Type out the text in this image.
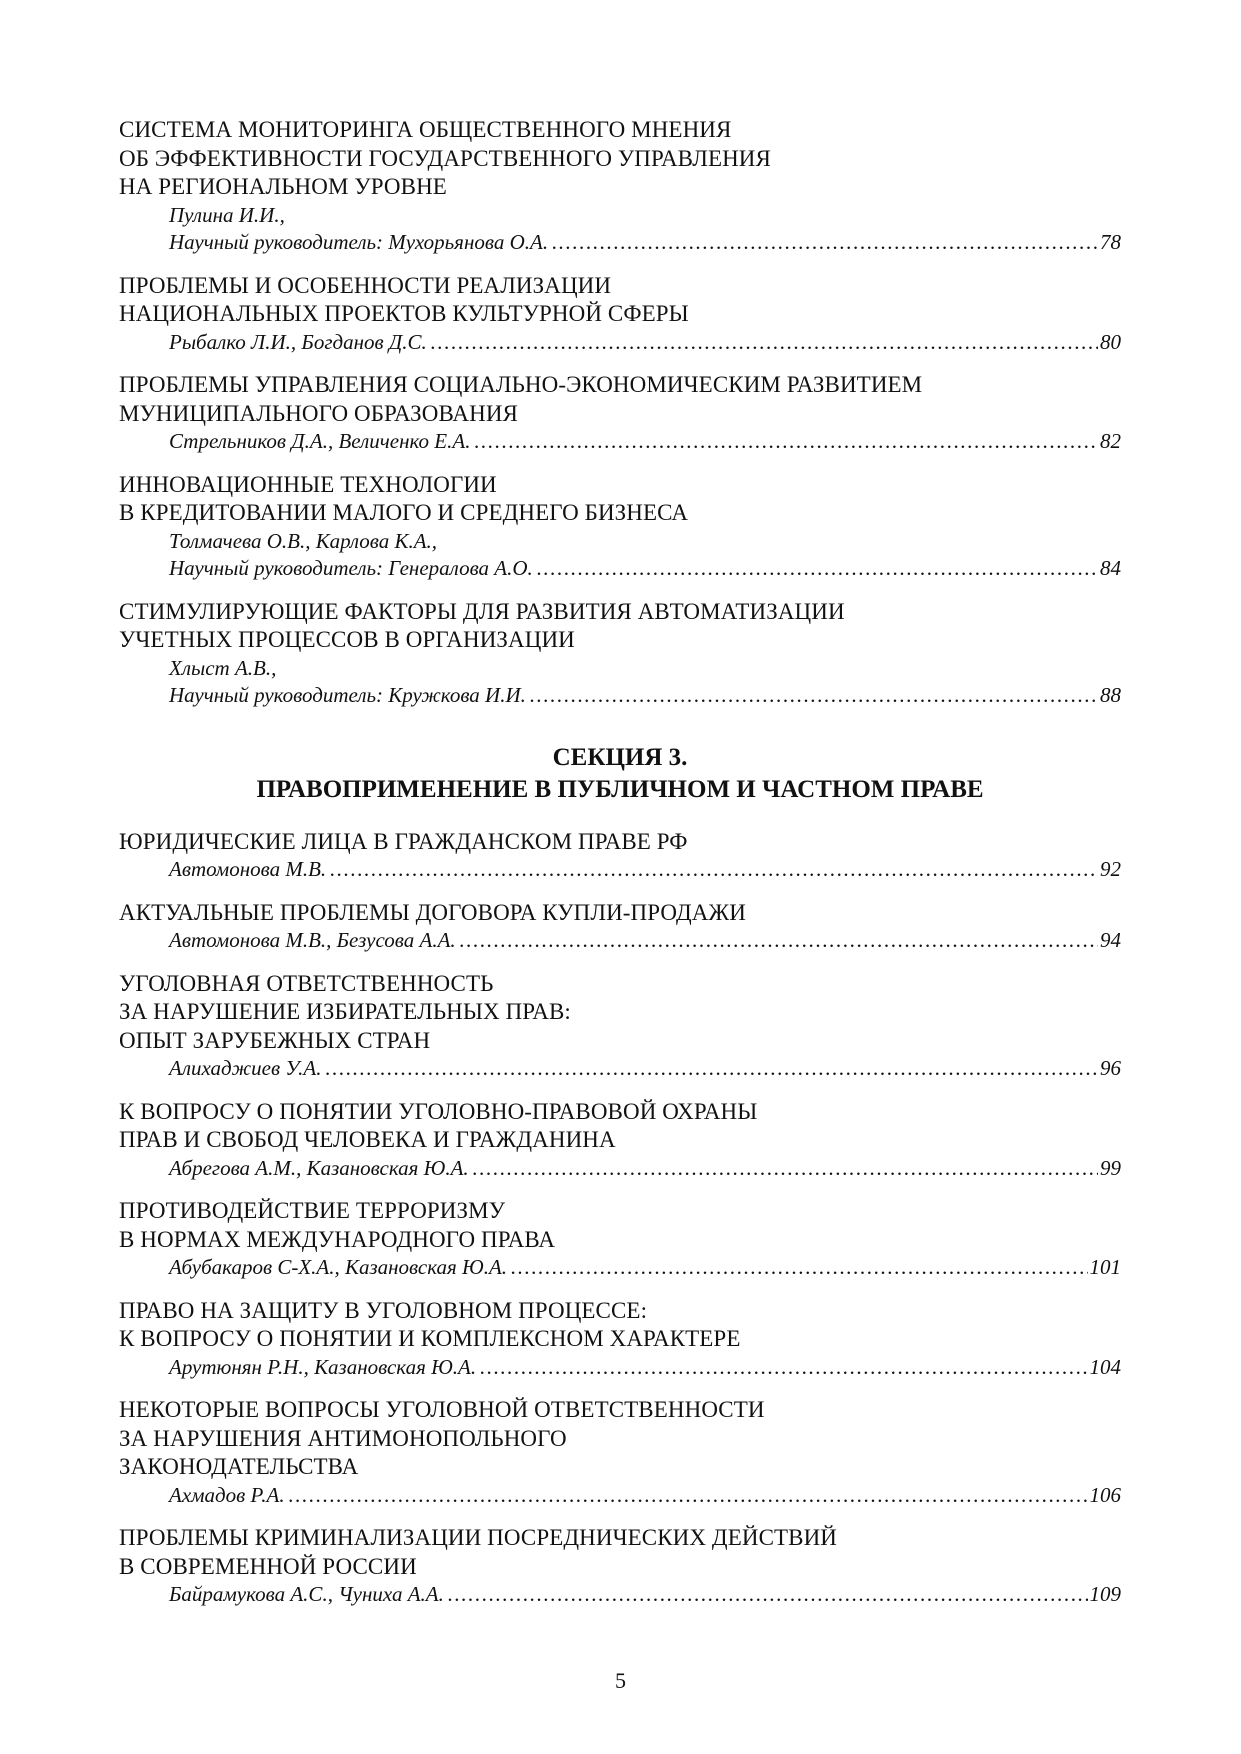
СИСТЕМА МОНИТОРИНГА ОБЩЕСТВЕННОГО МНЕНИЯ
ОБ ЭФФЕКТИВНОСТИ ГОСУДАРСТВЕННОГО УПРАВЛЕНИЯ
НА РЕГИОНАЛЬНОМ УРОВНЕ
Пулина И.И.,
Научный руководитель: Мухорьянова О.А. .....	78
ПРОБЛЕМЫ И ОСОБЕННОСТИ РЕАЛИЗАЦИИ
НАЦИОНАЛЬНЫХ ПРОЕКТОВ КУЛЬТУРНОЙ СФЕРЫ
Рыбалко Л.И., Богданов Д.С. .....	80
ПРОБЛЕМЫ УПРАВЛЕНИЯ СОЦИАЛЬНО-ЭКОНОМИЧЕСКИМ РАЗВИТИЕМ
МУНИЦИПАЛЬНОГО ОБРАЗОВАНИЯ
Стрельников Д.А., Величенко Е.А. .....	82
ИННОВАЦИОННЫЕ ТЕХНОЛОГИИ
В КРЕДИТОВАНИИ МАЛОГО И СРЕДНЕГО БИЗНЕСА
Толмачева О.В., Карлова К.А.,
Научный руководитель: Генералова А.О. .....	84
СТИМУЛИРУЮЩИЕ ФАКТОРЫ ДЛЯ РАЗВИТИЯ АВТОМАТИЗАЦИИ
УЧЕТНЫХ ПРОЦЕССОВ В ОРГАНИЗАЦИИ
Хлыст А.В.,
Научный руководитель: Кружкова И.И. .....	88
СЕКЦИЯ 3.
ПРАВОПРИМЕНЕНИЕ В ПУБЛИЧНОМ И ЧАСТНОМ ПРАВЕ
ЮРИДИЧЕСКИЕ ЛИЦА В ГРАЖДАНСКОМ ПРАВЕ РФ
Автомонова М.В. .....	92
АКТУАЛЬНЫЕ ПРОБЛЕМЫ ДОГОВОРА КУПЛИ-ПРОДАЖИ
Автомонова М.В., Безусова А.А. .....	94
УГОЛОВНАЯ ОТВЕТСТВЕННОСТЬ
ЗА НАРУШЕНИЕ ИЗБИРАТЕЛЬНЫХ ПРАВ:
ОПЫТ ЗАРУБЕЖНЫХ СТРАН
Алихаджиев У.А. .....	96
К ВОПРОСУ О ПОНЯТИИ УГОЛОВНО-ПРАВОВОЙ ОХРАНЫ
ПРАВ И СВОБОД ЧЕЛОВЕКА И ГРАЖДАНИНА
Абрегова А.М., Казановская Ю.А. .....	99
ПРОТИВОДЕЙСТВИЕ ТЕРРОРИЗМУ
В НОРМАХ МЕЖДУНАРОДНОГО ПРАВА
Абубакаров С-Х.А., Казановская Ю.А. .....	101
ПРАВО НА ЗАЩИТУ В УГОЛОВНОМ ПРОЦЕССЕ:
К ВОПРОСУ О ПОНЯТИИ И КОМПЛЕКСНОМ ХАРАКТЕРЕ
Арутюнян Р.Н., Казановская Ю.А. .....	104
НЕКОТОРЫЕ ВОПРОСЫ УГОЛОВНОЙ ОТВЕТСТВЕННОСТИ
ЗА НАРУШЕНИЯ АНТИМОНОПОЛЬНОГО
ЗАКОНОДАТЕЛЬСТВА
Ахмадов Р.А. .....	106
ПРОБЛЕМЫ КРИМИНАЛИЗАЦИИ ПОСРЕДНИЧЕСКИХ ДЕЙСТВИЙ
В СОВРЕМЕННОЙ РОССИИ
Байрамукова А.С., Чуниха А.А. .....	109
5
